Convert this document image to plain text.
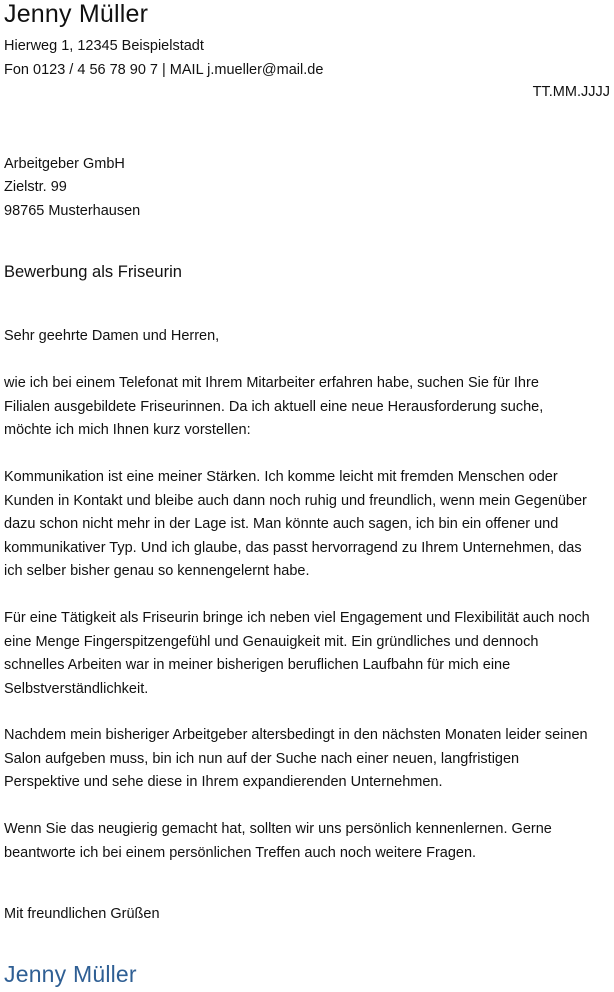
Jenny Müller
Hierweg 1, 12345 Beispielstadt
Fon 0123 / 4 56 78 90 7 | MAIL j.mueller@mail.de
TT.MM.JJJJ
Arbeitgeber GmbH
Zielstr. 99
98765 Musterhausen
Bewerbung als Friseurin
Sehr geehrte Damen und Herren,
wie ich bei einem Telefonat mit Ihrem Mitarbeiter erfahren habe, suchen Sie für Ihre
Filialen ausgebildete Friseurinnen. Da ich aktuell eine neue Herausforderung suche,
möchte ich mich Ihnen kurz vorstellen:
Kommunikation ist eine meiner Stärken. Ich komme leicht mit fremden Menschen oder
Kunden in Kontakt und bleibe auch dann noch ruhig und freundlich, wenn mein Gegenüber
dazu schon nicht mehr in der Lage ist. Man könnte auch sagen, ich bin ein offener und
kommunikativer Typ. Und ich glaube, das passt hervorragend zu Ihrem Unternehmen, das
ich selber bisher genau so kennengelernt habe.
Für eine Tätigkeit als Friseurin bringe ich neben viel Engagement und Flexibilität auch noch
eine Menge Fingerspitzengefühl und Genauigkeit mit. Ein gründliches und dennoch
schnelles Arbeiten war in meiner bisherigen beruflichen Laufbahn für mich eine
Selbstverständlichkeit.
Nachdem mein bisheriger Arbeitgeber altersbedingt in den nächsten Monaten leider seinen
Salon aufgeben muss, bin ich nun auf der Suche nach einer neuen, langfristigen
Perspektive und sehe diese in Ihrem expandierenden Unternehmen.
Wenn Sie das neugierig gemacht hat, sollten wir uns persönlich kennenlernen. Gerne
beantworte ich bei einem persönlichen Treffen auch noch weitere Fragen.
Mit freundlichen Grüßen
Jenny Müller
